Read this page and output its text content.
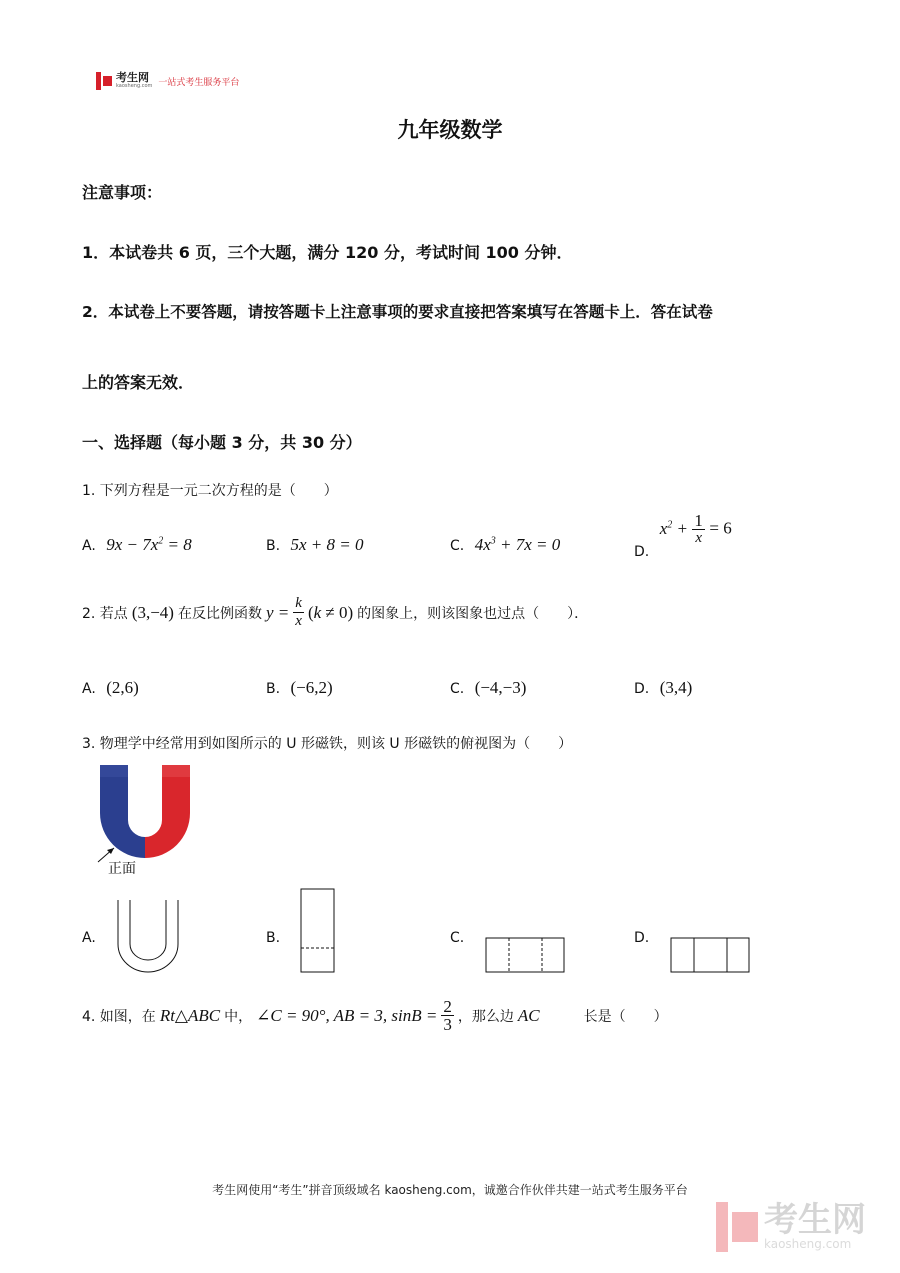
考生网
kaosheng.com 一站式考生服务平台
九年级数学
注意事项：
1．本试卷共 6 页，三个大题，满分 120 分，考试时间 100 分钟．
2．本试卷上不要答题，请按答题卡上注意事项的要求直接把答案填写在答题卡上．答在试卷
上的答案无效．
一、选择题（每小题 3 分，共 30 分）
1. 下列方程是一元二次方程的是（　　）
A. $9x - 7x^2 = 8$	B. 5x + 8 = 0	C. $4x^3 + 7x = 0$	D. $x^2 + \frac{1}{x} = 6$
2. 若点 (3,−4) 在反比例函数 $y = \frac{k}{x} (k \ne 0)$ 的图象上，则该图象也过点（　　）．
A. (2,6)	B. (−6,2)	C. (−4,−3)	D. (3,4)
3. 物理学中经常用到如图所示的 U 形磁铁，则该 U 形磁铁的俯视图为（　　）
正面
A.	B.	C.	D.
4. 如图，在 Rt△ABC 中， ∠C = 90°, AB = 3, $\sin B = \frac{2}{3}$ ，那么边 AC	长是（　　）
考生网使用“考生”拼音顶级域名 kaosheng.com，诚邀合作伙伴共建一站式考生服务平台
考生网
kaosheng.com
